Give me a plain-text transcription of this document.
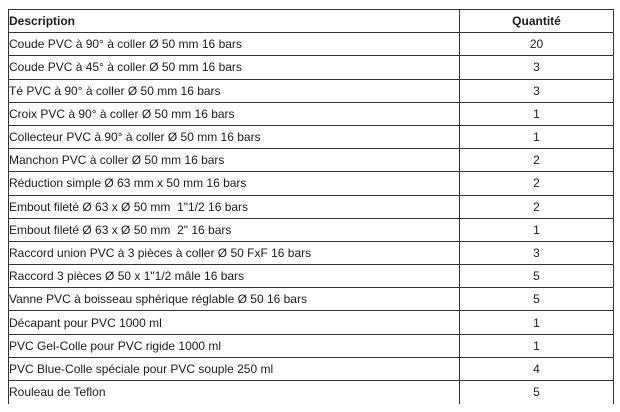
Description	Quantité
Coude PVC à 90° à coller Ø 50 mm 16 bars	20
Coude PVC à 45° à coller Ø 50 mm 16 bars	3
Té PVC à 90° à coller Ø 50 mm 16 bars	3
Croix PVC à 90° à coller Ø 50 mm 16 bars	1
Collecteur PVC à 90° à coller Ø 50 mm 16 bars	1
Manchon PVC à coller Ø 50 mm 16 bars	2
Réduction simple Ø 63 mm x 50 mm 16 bars	2
Embout fileté Ø 63 x Ø 50 mm  1"1/2 16 bars	2
Embout fileté Ø 63 x Ø 50 mm  2" 16 bars	1
Raccord union PVC à 3 pièces à coller Ø 50 FxF 16 bars	3
Raccord 3 pièces Ø 50 x 1"1/2 mâle 16 bars	5
Vanne PVC à boisseau sphérique réglable Ø 50 16 bars	5
Décapant pour PVC 1000 ml	1
PVC Gel-Colle pour PVC rigide 1000 ml	1
PVC Blue-Colle spéciale pour PVC souple 250 ml	4
Rouleau de Teflon	5
